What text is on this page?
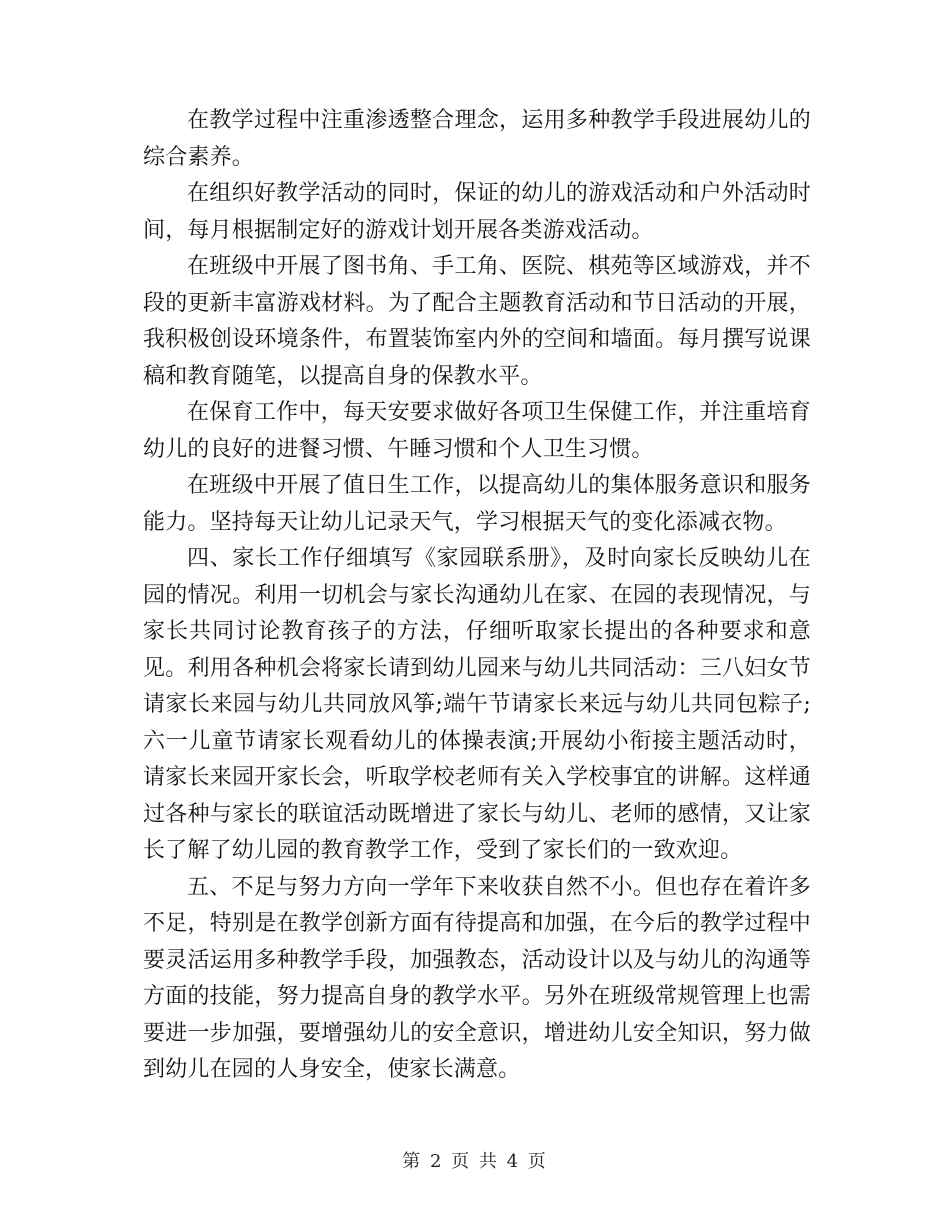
在教学过程中注重渗透整合理念，运用多种教学手段进展幼儿的综合素养。

在组织好教学活动的同时，保证的幼儿的游戏活动和户外活动时间，每月根据制定好的游戏计划开展各类游戏活动。

在班级中开展了图书角、手工角、医院、棋苑等区域游戏，并不段的更新丰富游戏材料。为了配合主题教育活动和节日活动的开展，我积极创设环境条件，布置装饰室内外的空间和墙面。每月撰写说课稿和教育随笔，以提高自身的保教水平。

在保育工作中，每天安要求做好各项卫生保健工作，并注重培育幼儿的良好的进餐习惯、午睡习惯和个人卫生习惯。

在班级中开展了值日生工作，以提高幼儿的集体服务意识和服务能力。坚持每天让幼儿记录天气，学习根据天气的变化添减衣物。

四、家长工作仔细填写《家园联系册》，及时向家长反映幼儿在园的情况。利用一切机会与家长沟通幼儿在家、在园的表现情况，与家长共同讨论教育孩子的方法，仔细听取家长提出的各种要求和意见。利用各种机会将家长请到幼儿园来与幼儿共同活动：三八妇女节请家长来园与幼儿共同放风筝;端午节请家长来远与幼儿共同包粽子;六一儿童节请家长观看幼儿的体操表演;开展幼小衔接主题活动时，请家长来园开家长会，听取学校老师有关入学校事宜的讲解。这样通过各种与家长的联谊活动既增进了家长与幼儿、老师的感情，又让家长了解了幼儿园的教育教学工作，受到了家长们的一致欢迎。

五、不足与努力方向一学年下来收获自然不小。但也存在着许多不足，特别是在教学创新方面有待提高和加强，在今后的教学过程中要灵活运用多种教学手段，加强教态，活动设计以及与幼儿的沟通等方面的技能，努力提高自身的教学水平。另外在班级常规管理上也需要进一步加强，要增强幼儿的安全意识，增进幼儿安全知识，努力做到幼儿在园的人身安全，使家长满意。

第 2 页 共 4 页
